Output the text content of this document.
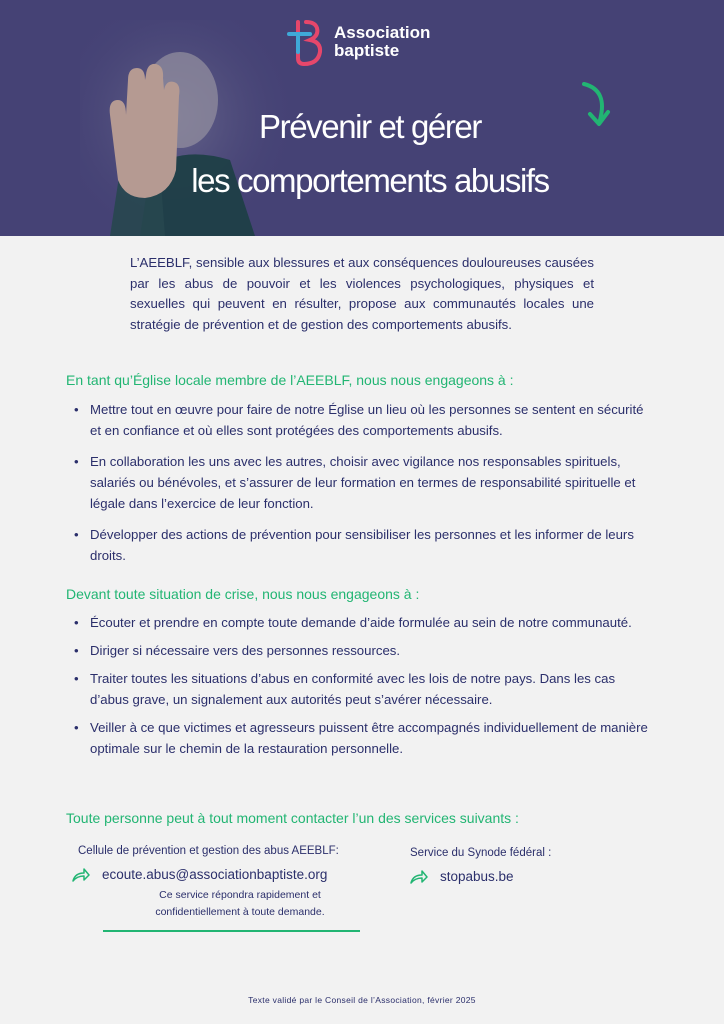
Association
baptiste
Prévenir et gérer
les comportements abusifs

L’AEEBLF, sensible aux blessures et aux conséquences douloureuses causées par les abus de pouvoir et les violences psychologiques, physiques et sexuelles qui peuvent en résulter, propose aux communautés locales une stratégie de prévention et de gestion des comportements abusifs.

En tant qu’Église locale membre de l’AEEBLF, nous nous engageons à :
• Mettre tout en œuvre pour faire de notre Église un lieu où les personnes se sentent en sécurité et en confiance et où elles sont protégées des comportements abusifs.
• En collaboration les uns avec les autres, choisir avec vigilance nos responsables spirituels, salariés ou bénévoles, et s’assurer de leur formation en termes de responsabilité spirituelle et légale dans l’exercice de leur fonction.
• Développer des actions de prévention pour sensibiliser les personnes et les informer de leurs droits.
Devant toute situation de crise, nous nous engageons à :
• Écouter et prendre en compte toute demande d’aide formulée au sein de notre communauté.
• Diriger si nécessaire vers des personnes ressources.
• Traiter toutes les situations d’abus en conformité avec les lois de notre pays. Dans les cas d’abus grave, un signalement aux autorités peut s’avérer nécessaire.
• Veiller à ce que victimes et agresseurs puissent être accompagnés individuellement de manière optimale sur le chemin de la restauration personnelle.
Toute personne peut à tout moment contacter l’un des services suivants :
Cellule de prévention et gestion des abus AEEBLF:
ecoute.abus@associationbaptiste.org
Ce service répondra rapidement et
confidentiellement à toute demande.
Service du Synode fédéral :
stopabus.be
Texte validé par le Conseil de l’Association, février 2025
